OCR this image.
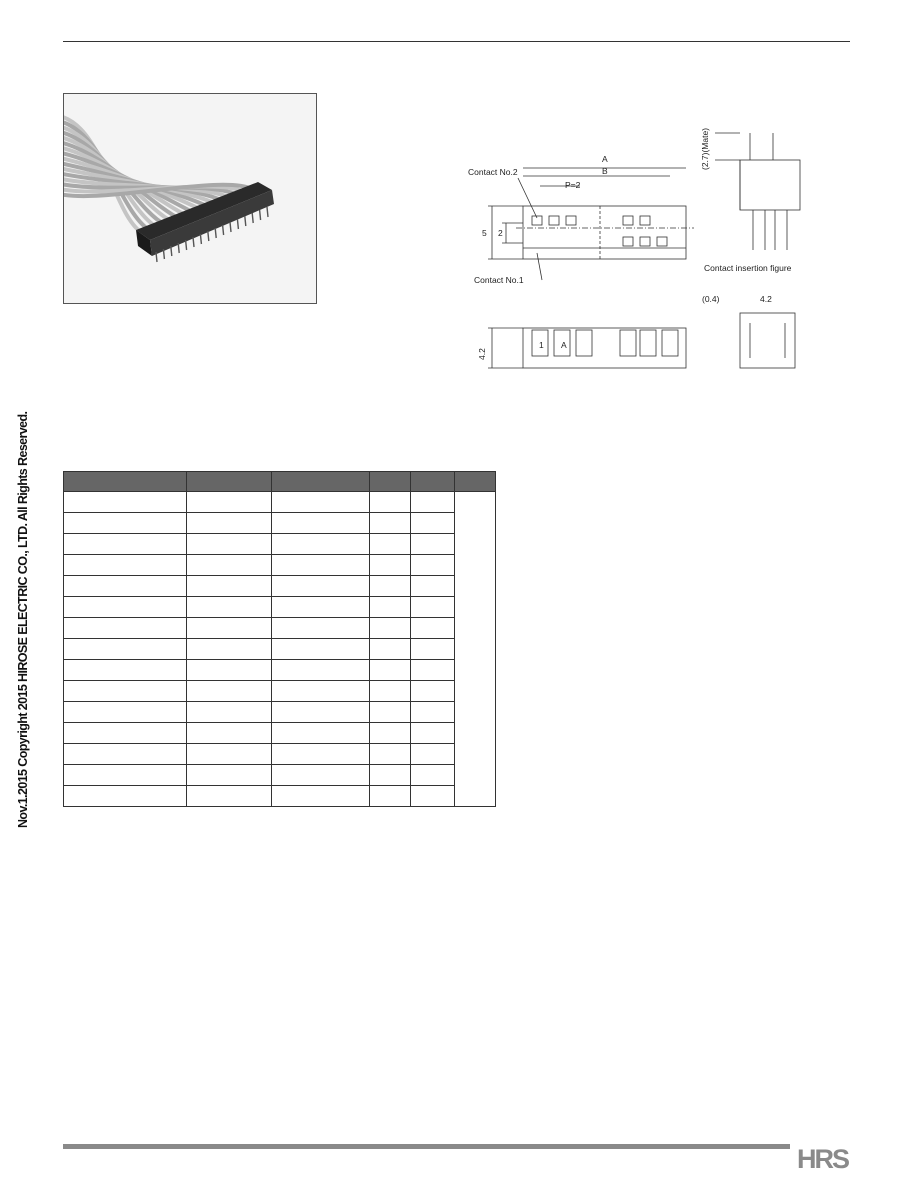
Nov.1.2015 Copyright 2015 HIROSE ELECTRIC CO., LTD. All Rights Reserved.
Contact No.2
Contact No.1
A
B
P=2
5 2
(2.7)(Mate)
Contact insertion figure
(0.4)	4.2
4.2
1 A

HRS
